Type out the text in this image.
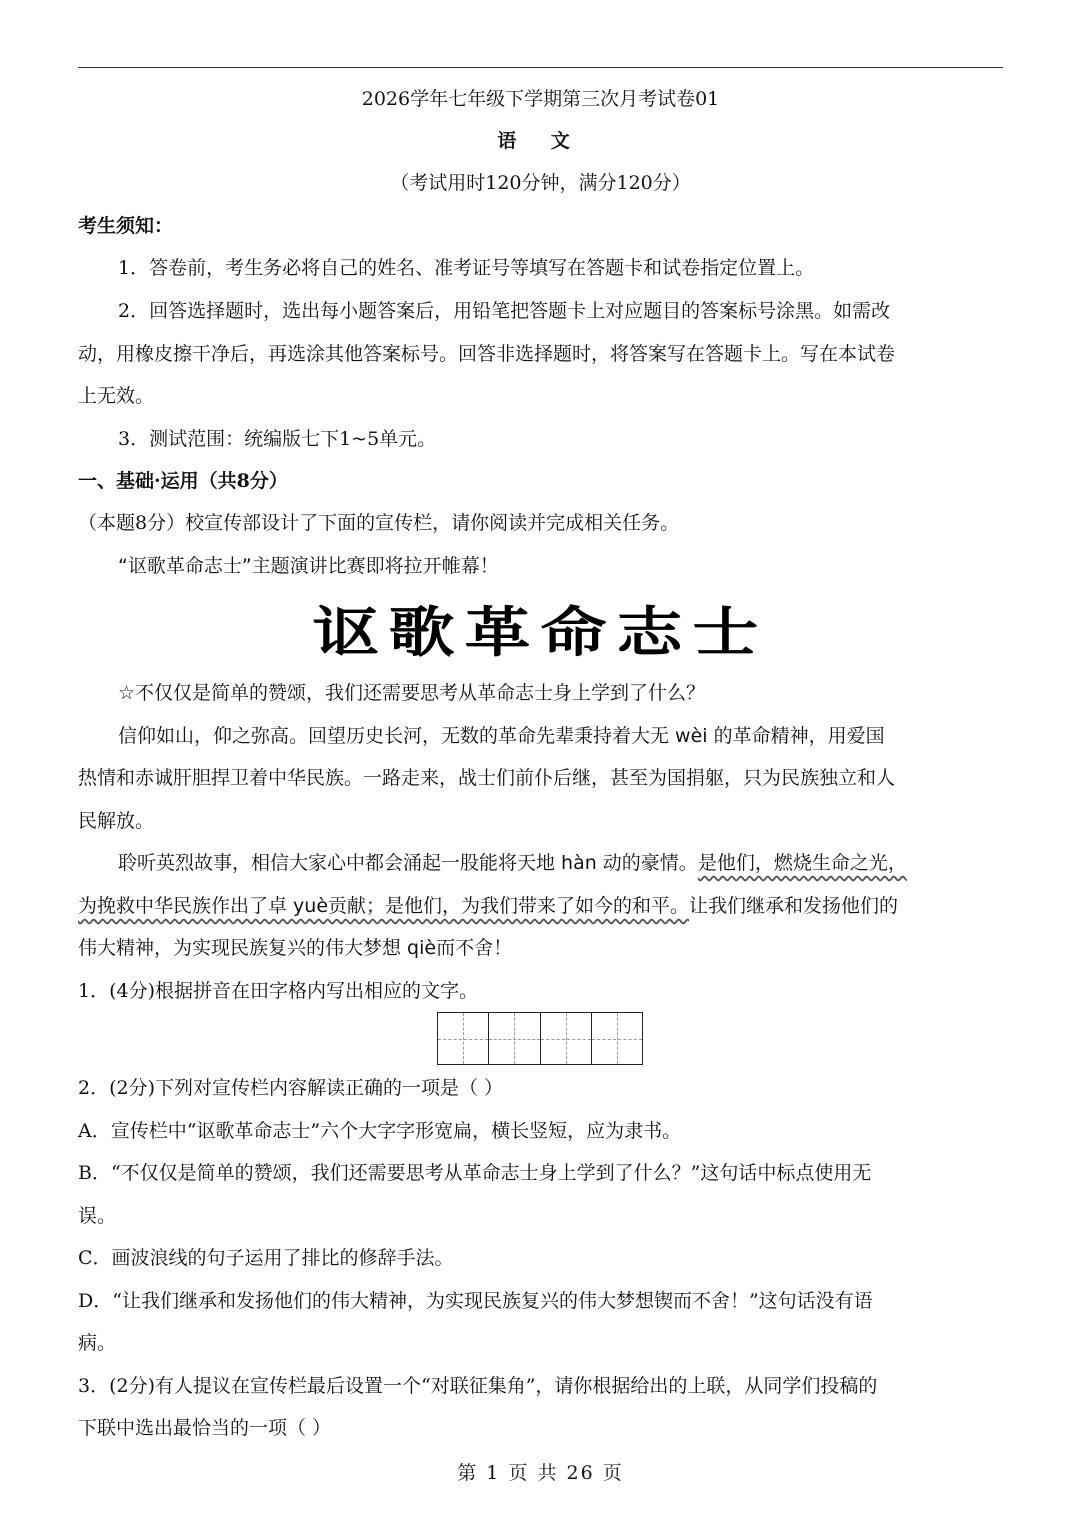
2026学年七年级下学期第三次月考试卷01
语 文
（考试用时120分钟，满分120分）
考生须知：
1．答卷前，考生务必将自己的姓名、准考证号等填写在答题卡和试卷指定位置上。
2．回答选择题时，选出每小题答案后，用铅笔把答题卡上对应题目的答案标号涂黑。如需改
动，用橡皮擦干净后，再选涂其他答案标号。回答非选择题时，将答案写在答题卡上。写在本试卷
上无效。
3．测试范围：统编版七下1~5单元。
一、基础·运用（共8分）
（本题8分）校宣传部设计了下面的宣传栏，请你阅读并完成相关任务。
“讴歌革命志士”主题演讲比赛即将拉开帷幕！
讴歌革命志士
☆不仅仅是简单的赞颂，我们还需要思考从革命志士身上学到了什么？
信仰如山，仰之弥高。回望历史长河，无数的革命先辈秉持着大无 wèi 的革命精神，用爱国
热情和赤诚肝胆捍卫着中华民族。一路走来，战士们前仆后继，甚至为国捐躯，只为民族独立和人
民解放。
聆听英烈故事，相信大家心中都会涌起一股能将天地 hàn 动的豪情。是他们，燃烧生命之光，
为挽救中华民族作出了卓 yuè贡献；是他们，为我们带来了如今的和平。让我们继承和发扬他们的
伟大精神，为实现民族复兴的伟大梦想 qiè而不舍！
1．(4分)根据拼音在田字格内写出相应的文字。
2．(2分)下列对宣传栏内容解读正确的一项是（ ）
A．宣传栏中“讴歌革命志士”六个大字字形宽扁，横长竖短，应为隶书。
B．“不仅仅是简单的赞颂，我们还需要思考从革命志士身上学到了什么？”这句话中标点使用无
误。
C．画波浪线的句子运用了排比的修辞手法。
D．“让我们继承和发扬他们的伟大精神，为实现民族复兴的伟大梦想锲而不舍！”这句话没有语
病。
3．(2分)有人提议在宣传栏最后设置一个“对联征集角”，请你根据给出的上联，从同学们投稿的
下联中选出最恰当的一项（ ）
第 1 页 共 26 页
